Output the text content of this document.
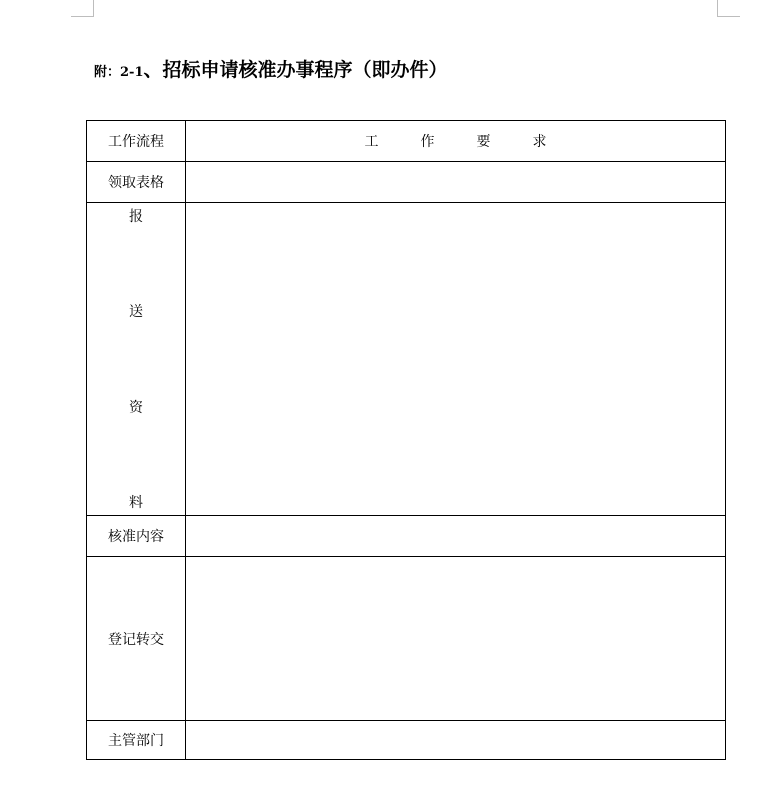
附：2-1、招标申请核准办事程序（即办件）
工作流程	工 作 要 求
领取表格	

报
送
资
料	

核准内容	
登记转交	
主管部门	
